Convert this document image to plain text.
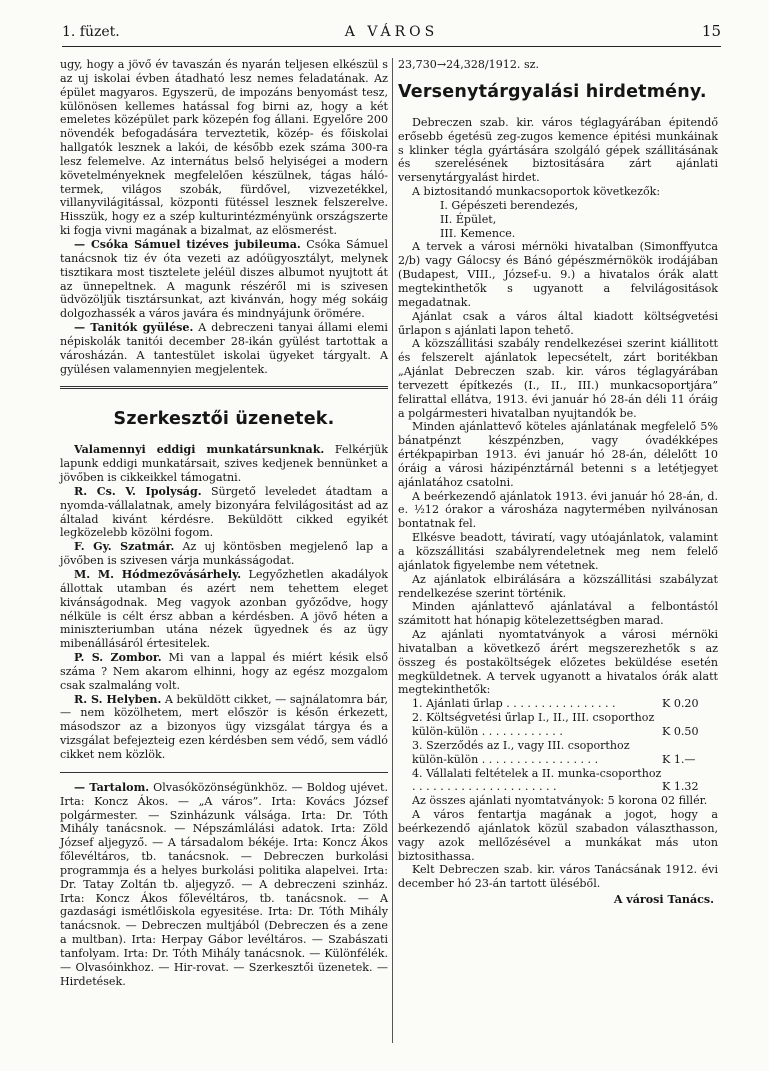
1. füzet.	A VÁROS	15

ugy, hogy a jövő év tavaszán és nyarán teljesen elkészül s az uj iskolai évben átadható lesz nemes feladatának. Az épület magyaros. Egyszerü, de impozáns benyomást tesz, különösen kellemes hatással fog birni az, hogy a két emeletes középület park közepén fog állani. Egyelőre 200 növendék befogadására terveztetik, közép- és főiskolai hallgatók lesznek a lakói, de később ezek száma 300-ra lesz felemelve. Az internátus belső helyiségei a modern követelményeknek megfelelően készülnek, tágas háló-termek, világos szobák, fürdővel, vizvezetékkel, villanyvilágitással, központi fütéssel lesznek felszerelve. Hisszük, hogy ez a szép kulturintézményünk országszerte ki fogja vivni magának a bizalmat, az elösmerést.

— Csóka Sámuel tizéves jubileuma. Csóka Sámuel tanácsnok tiz év óta vezeti az adóügyosztályt, melynek tisztikara most tisztelete jeléül diszes albumot nyujtott át az ünnepeltnek. A magunk részéről mi is szivesen üdvözöljük tisztársunkat, azt kivánván, hogy még sokáig dolgozhassék a város javára és mindnyájunk örömére.

— Tanitók gyülése. A debreczeni tanyai állami elemi népiskolák tanitói december 28-ikán gyülést tartottak a városházán. A tantestület iskolai ügyeket tárgyalt. A gyülésen valamennyien megjelentek.

Szerkesztői üzenetek.

Valamennyi eddigi munkatársunknak. Felkérjük lapunk eddigi munkatársait, szives kedjenek bennünket a jövőben is cikkeikkel támogatni.

R. Cs. V. Ipolyság. Sürgető leveledet átadtam a nyomda-vállalatnak, amely bizonyára felvilágositást ad az általad kivánt kérdésre. Beküldött cikked egyikét legközelebb közölni fogom.

F. Gy. Szatmár. Az uj köntösben megjelenő lap a jövőben is szivesen várja munkásságodat.

M. M. Hódmezővásárhely. Legyőzhetlen akadályok állottak utamban és azért nem tehettem eleget kivánságodnak. Meg vagyok azonban győződve, hogy nélküle is célt érsz abban a kérdésben. A jövő héten a miniszteriumban utána nézek ügyednek és az ügy mibenállásáról értesitelek.

P. S. Zombor. Mi van a lappal és miért késik első száma ? Nem akarom elhinni, hogy az egész mozgalom csak szalmaláng volt.

R. S. Helyben. A beküldött cikket, — sajnálatomra bár, — nem közölhetem, mert először is későn érkezett, másodszor az a bizonyos ügy vizsgálat tárgya és a vizsgálat befejezteig ezen kérdésben sem védő, sem vádló cikket nem közlök.

— Tartalom. Olvasóközönségünkhöz. — Boldog ujévet. Irta: Koncz Ákos. — „A város”. Irta: Kovács József polgármester. — Szinházunk válsága. Irta: Dr. Tóth Mihály tanácsnok. — Népszámlálási adatok. Irta: Zöld József aljegyző. — A társadalom békéje. Irta: Koncz Ákos főlevéltáros, tb. tanácsnok. — Debreczen burkolási programmja és a helyes burkolási politika alapelvei. Irta: Dr. Tatay Zoltán tb. aljegyző. — A debreczeni szinház. Irta: Koncz Ákos főlevéltáros, tb. tanácsnok. — A gazdasági ismétlőiskola egyesitése. Irta: Dr. Tóth Mihály tanácsnok. — Debreczen multjából (Debreczen és a zene a multban). Irta: Herpay Gábor levéltáros. — Szabászati tanfolyam. Irta: Dr. Tóth Mihály tanácsnok. — Különfélék. — Olvasóinkhoz. — Hir-rovat. — Szerkesztői üzenetek. — Hirdetések.

23,730→24,328/1912. sz.

Versenytárgyalási hirdetmény.

Debreczen szab. kir. város téglagyárában épitendő erősebb égetésü zeg-zugos kemence épitési munkáinak s klinker tégla gyártására szolgáló gépek szállitásának és szerelésének biztositására zárt ajánlati versenytárgyalást hirdet.

A biztositandó munkacsoportok következők:

I. Gépészeti berendezés,
II. Épület,
III. Kemence.

A tervek a városi mérnöki hivatalban (Simonffyutca 2/b) vagy Gálocsy és Bánó gépészmérnökök irodájában (Budapest, VIII., József-u. 9.) a hivatalos órák alatt megtekinthetők s ugyanott a felvilágositások megadatnak.

Ajánlat csak a város által kiadott költségvetési űrlapon s ajánlati lapon tehető.

A közszállitási szabály rendelkezései szerint kiállitott és felszerelt ajánlatok lepecsételt, zárt boritékban „Ajánlat Debreczen szab. kir. város téglagyárában tervezett építkezés (I., II., III.) munkacsoportjára” felirattal ellátva, 1913. évi január hó 28-án déli 11 óráig a polgármesteri hivatalban nyujtandók be.

Minden ajánlattevő köteles ajánlatának megfelelő 5% bánatpénzt készpénzben, vagy óvadékképes értékpapirban 1913. évi január hó 28-án, délelőtt 10 óráig a városi házipénztárnál betenni s a letétjegyet ajánlatához csatolni.

A beérkezendő ajánlatok 1913. évi január hó 28-án, d. e. ½12 órakor a városháza nagytermében nyilvánosan bontatnak fel.

Elkésve beadott, táviratí, vagy utóajánlatok, valamint a közszállitási szabályrendeletnek meg nem felelő ajánlatok figyelembe nem vétetnek.

Az ajánlatok elbirálására a közszállitási szabályzat rendelkezése szerint történik.

Minden ajánlattevő ajánlatával a felbontástól számitott hat hónapig kötelezettségben marad.

Az ajánlati nyomtatványok a városi mérnöki hivatalban a következő árért megszerezhetők s az összeg és postaköltségek előzetes beküldése esetén megküldetnek. A tervek ugyanott a hivatalos órák alatt megtekinthetők:

1. Ajánlati űrlap . . . . . . . . . . . . . . . .	K 0.20
2. Költségvetési űrlap I., II., III. csoporthoz külön-külön . . . . . . . . . . . .	K 0.50
3. Szerződés az I., vagy III. csoporthoz külön-külön . . . . . . . . . . . . . . . . .	K 1.—
4. Vállalati feltételek a II. munka-csoporthoz . . . . . . . . . . . . . . . . . . . . .	K 1.32

Az összes ajánlati nyomtatványok: 5 korona 02 fillér.

A város fentartja magának a jogot, hogy a beérkezendő ajánlatok közül szabadon választhasson, vagy azok mellőzésével a munkákat más uton biztosithassa.

Kelt Debreczen szab. kir. város Tanácsának 1912. évi december hó 23-án tartott üléséből.

A városi Tanács.
